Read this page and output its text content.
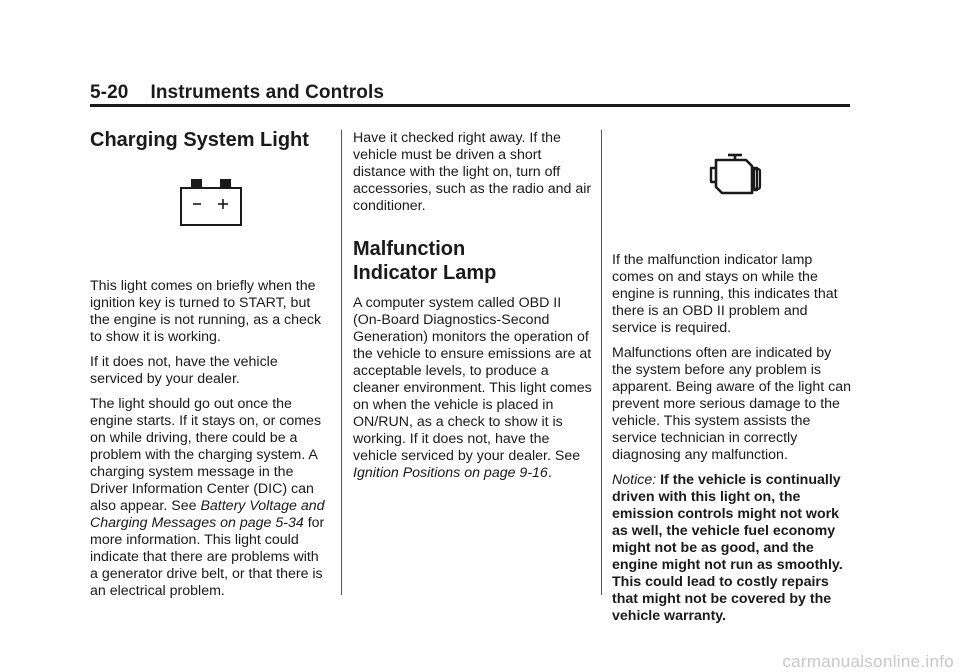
5-20 Instruments and Controls
Charging System Light

This light comes on briefly when the ignition key is turned to START, but the engine is not running, as a check to show it is working.

If it does not, have the vehicle serviced by your dealer.

The light should go out once the engine starts. If it stays on, or comes on while driving, there could be a problem with the charging system. A charging system message in the Driver Information Center (DIC) can also appear. See Battery Voltage and Charging Messages on page 5‑34 for more information. This light could indicate that there are problems with a generator drive belt, or that there is an electrical problem.

Have it checked right away. If the vehicle must be driven a short distance with the light on, turn off accessories, such as the radio and air conditioner.

Malfunction
Indicator Lamp

A computer system called OBD II (On-Board Diagnostics-Second Generation) monitors the operation of the vehicle to ensure emissions are at acceptable levels, to produce a cleaner environment. This light comes on when the vehicle is placed in ON/RUN, as a check to show it is working. If it does not, have the vehicle serviced by your dealer. See Ignition Positions on page 9‑16.

If the malfunction indicator lamp comes on and stays on while the engine is running, this indicates that there is an OBD II problem and service is required.

Malfunctions often are indicated by the system before any problem is apparent. Being aware of the light can prevent more serious damage to the vehicle. This system assists the service technician in correctly diagnosing any malfunction.

Notice: If the vehicle is continually driven with this light on, the emission controls might not work as well, the vehicle fuel economy might not be as good, and the engine might not run as smoothly. This could lead to costly repairs that might not be covered by the vehicle warranty.

carmanualsonline.info
